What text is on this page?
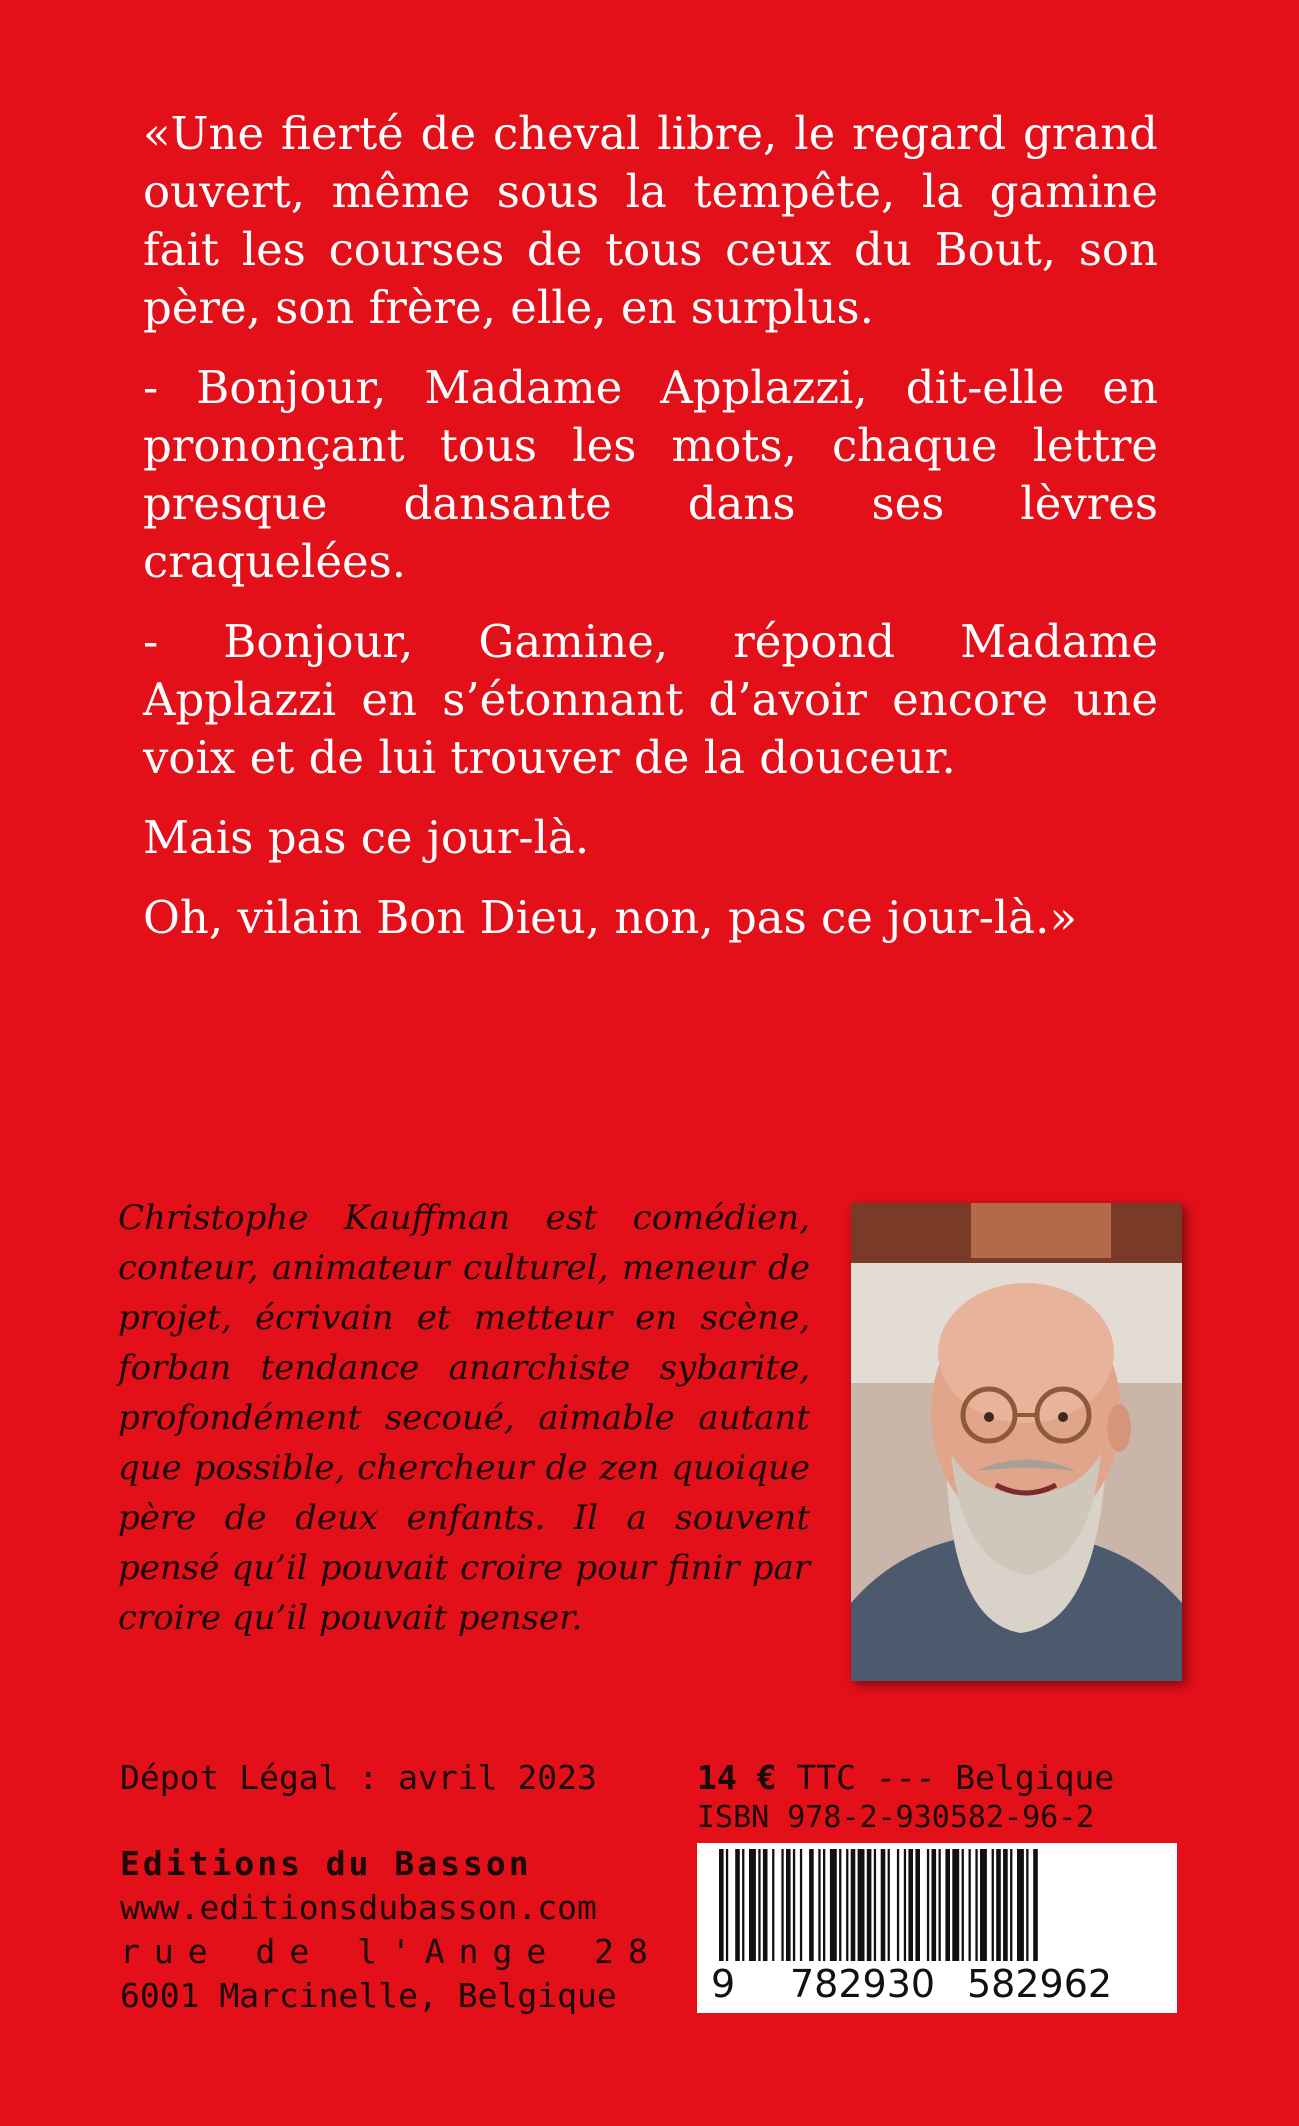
«Une fierté de cheval libre, le regard grand ouvert, même sous la tempête, la gamine fait les courses de tous ceux du Bout, son père, son frère, elle, en surplus.

- Bonjour, Madame Applazzi, dit-elle en prononçant tous les mots, chaque lettre presque dansante dans ses lèvres craquelées.

- Bonjour, Gamine, répond Madame Applazzi en s’étonnant d’avoir encore une voix et de lui trouver de la douceur.

Mais pas ce jour-là.

Oh, vilain Bon Dieu, non, pas ce jour-là.»

Christophe Kauffman est comédien, conteur, animateur culturel, meneur de projet, écrivain et metteur en scène, forban tendance anarchiste sybarite, profondément secoué, aimable autant que possible, chercheur de zen quoique père de deux enfants. Il a souvent pensé qu’il pouvait croire pour finir par croire qu’il pouvait penser.
Dépot Légal : avril 2023
Editions du Basson
www.editionsdubasson.com
rue de l'Ange 28
6001 Marcinelle, Belgique
14 € TTC --- Belgique
ISBN 978-2-930582-96-2
9 782930 582962
